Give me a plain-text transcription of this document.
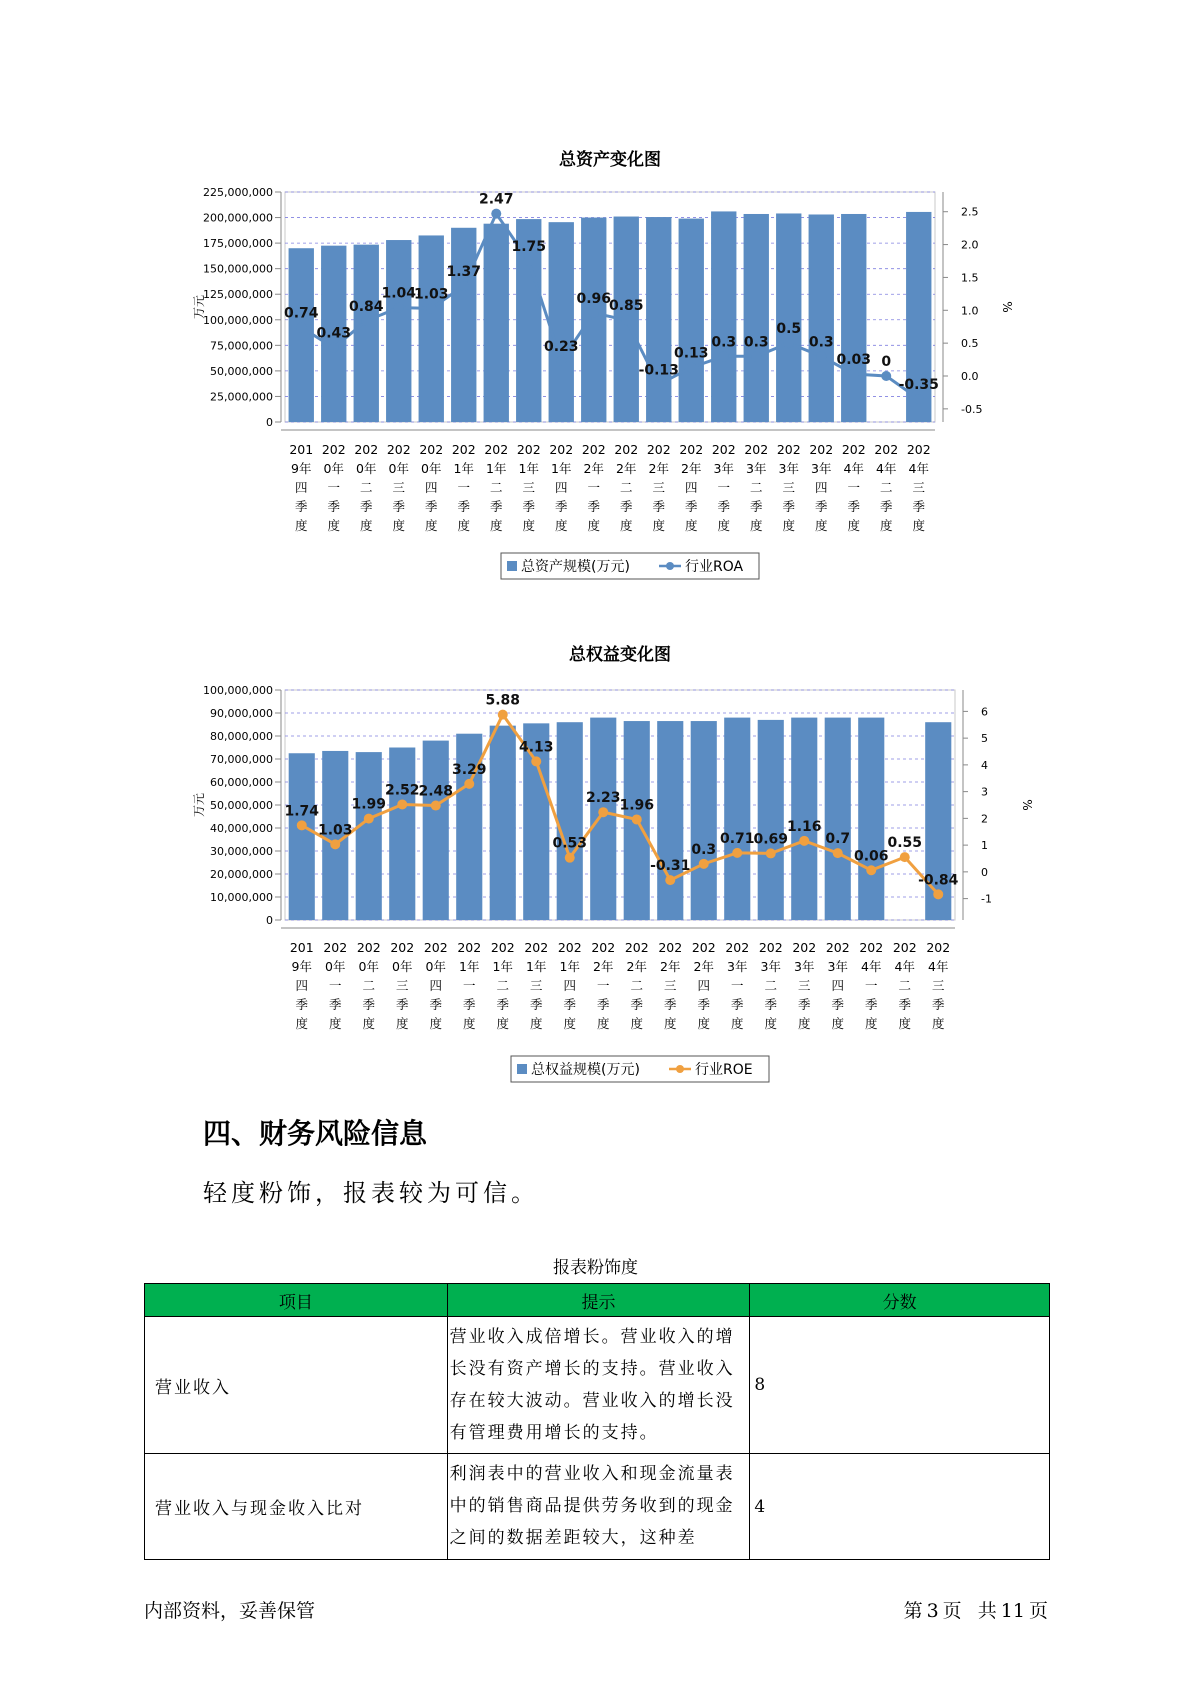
总资产变化图
0
25,000,000
50,000,000
75,000,000
100,000,000
125,000,000
150,000,000
175,000,000
200,000,000
225,000,000
-0.5
0.0
0.5
1.0
1.5
2.0
2.5
万元	%
201
9年
四
季
度
202
0年
一
季
度
202
0年
二
季
度
202
0年
三
季
度
202
0年
四
季
度
202
1年
一
季
度
202
1年
二
季
度
202
1年
三
季
度
202
1年
四
季
度
202
2年
一
季
度
202
2年
二
季
度
202
2年
三
季
度
202
2年
四
季
度
202
3年
一
季
度
202
3年
二
季
度
202
3年
三
季
度
202
3年
四
季
度
202
4年
一
季
度
202
4年
二
季
度
202
4年
三
季
度
0.74
0.43
0.84
1.04
1.03
1.37
2.47
1.75
0.23
0.96
0.85
-0.13
0.13
0.3 0.3
0.5
0.3
0.03 0
-0.35
总资产规模(万元)	行业ROA
总权益变化图
0
10,000,000
20,000,000
30,000,000
40,000,000
50,000,000
60,000,000
70,000,000
80,000,000
90,000,000
100,000,000
-1
0
1
2
3
4
5
6
万元	%
201
9年
四
季
度
202
0年
一
季
度
202
0年
二
季
度
202
0年
三
季
度
202
0年
四
季
度
202
1年
一
季
度
202
1年
二
季
度
202
1年
三
季
度
202
1年
四
季
度
202
2年
一
季
度
202
2年
二
季
度
202
2年
三
季
度
202
2年
四
季
度
202
3年
一
季
度
202
3年
二
季
度
202
3年
三
季
度
202
3年
四
季
度
202
4年
一
季
度
202
4年
二
季
度
202
4年
三
季
度
1.74
1.03
1.99
2.52
2.48
3.29
5.88
4.13
0.53
2.23
1.96
-0.31
0.3
0.71
0.69
1.16
0.7
0.06
0.55
-0.84
总权益规模(万元)	行业ROE
四、财务风险信息
轻度粉饰，报表较为可信。
报表粉饰度
项目	提示	分数
营业收入	营业收入成倍增长。营业收入的增长没有资产增长的支持。营业收入存在较大波动。营业收入的增长没有管理费用增长的支持。	8
营业收入与现金收入比对	利润表中的营业收入和现金流量表中的销售商品提供劳务收到的现金之间的数据差距较大，这种差	4
内部资料，妥善保管	第 3 页 共 11 页
